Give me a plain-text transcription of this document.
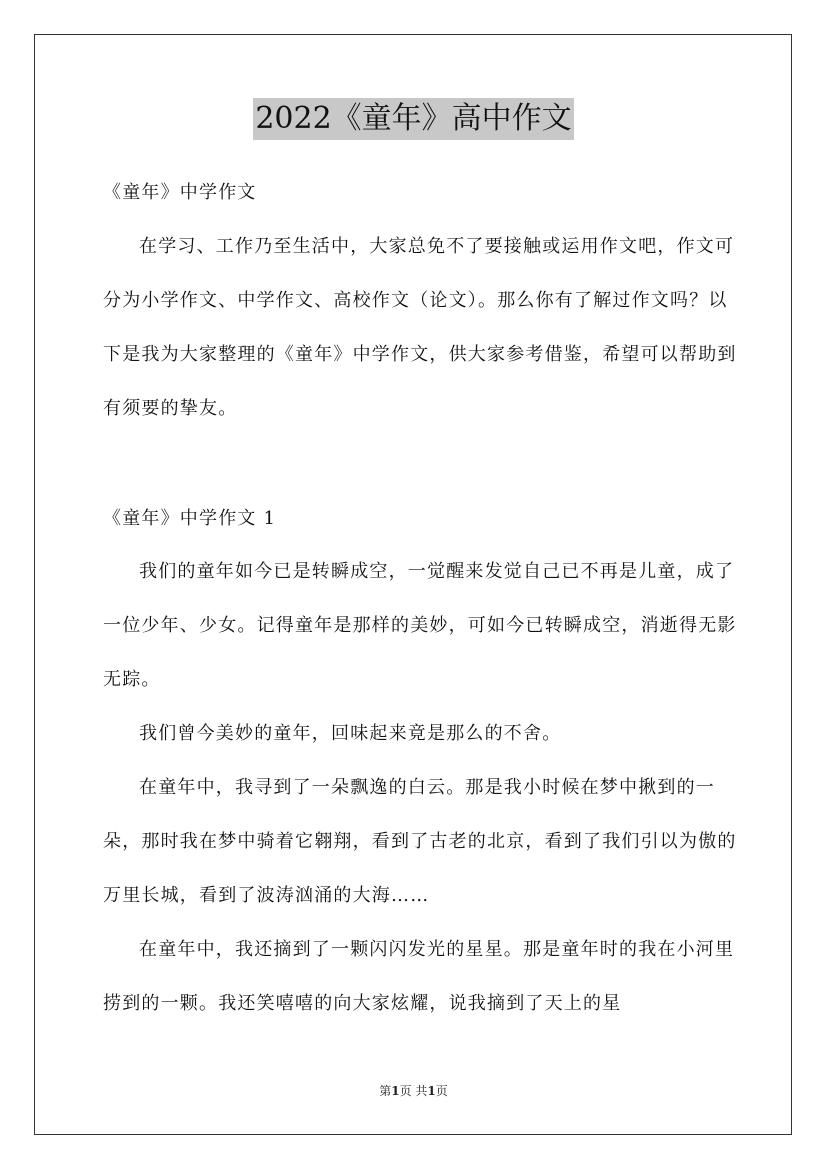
2022《童年》高中作文
《童年》中学作文

在学习、工作乃至生活中，大家总免不了要接触或运用作文吧，作文可分为小学作文、中学作文、高校作文（论文）。那么你有了解过作文吗？以下是我为大家整理的《童年》中学作文，供大家参考借鉴，希望可以帮助到有须要的挚友。

《童年》中学作文 1

我们的童年如今已是转瞬成空，一觉醒来发觉自己已不再是儿童，成了一位少年、少女。记得童年是那样的美妙，可如今已转瞬成空，消逝得无影无踪。

我们曾今美妙的童年，回味起来竟是那么的不舍。

在童年中，我寻到了一朵飘逸的白云。那是我小时候在梦中揪到的一朵，那时我在梦中骑着它翱翔，看到了古老的北京，看到了我们引以为傲的万里长城，看到了波涛汹涌的大海……

在童年中，我还摘到了一颗闪闪发光的星星。那是童年时的我在小河里捞到的一颗。我还笑嘻嘻的向大家炫耀，说我摘到了天上的星

第1页 共1页
